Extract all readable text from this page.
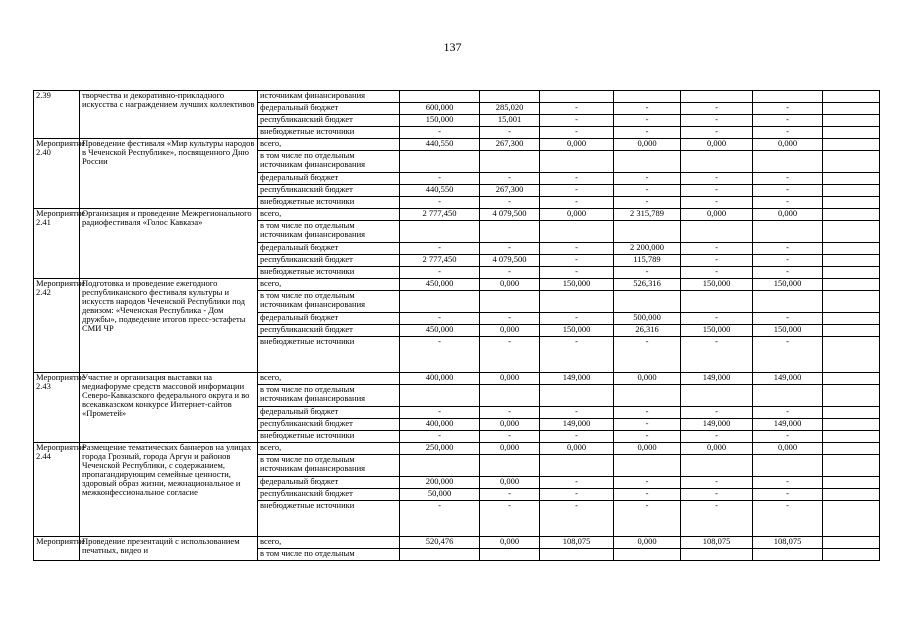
137
2.39	творчества и декоративно-прикладного искусства с награждением лучших коллективов	источникам финансирования							
		федеральный бюджет	600,000	285,020	-	-	-	-	
		республиканский бюджет	150,000	15,001	-	-	-	-	
		внебюджетные источники	-	-	-	-	-	-	
Мероприятие 2.40	Проведение фестиваля «Мир культуры народов в Чеченской Республике», посвященного Дню России	всего,	440,550	267,300	0,000	0,000	0,000	0,000	
		в том числе по отдельным источникам финансирования							
		федеральный бюджет	-	-	-	-	-	-	
		республиканский бюджет	440,550	267,300	-	-	-	-	
		внебюджетные источники	-	-	-	-	-	-	
Мероприятие 2.41	Организация и проведение Межрегионального радиофестиваля «Голос Кавказа»	всего,	2 777,450	4 079,500	0,000	2 315,789	0,000	0,000	
		в том числе по отдельным источникам финансирования							
		федеральный бюджет	-	-	-	2 200,000	-	-	
		республиканский бюджет	2 777,450	4 079,500	-	115,789	-	-	
		внебюджетные источники	-	-	-	-	-	-	
Мероприятие 2.42	Подготовка и проведение ежегодного республиканского фестиваля культуры и искусств народов Чеченской Республики под девизом: «Чеченская Республика - Дом дружбы», подведение итогов пресс-эстафеты СМИ ЧР	всего,	450,000	0,000	150,000	526,316	150,000	150,000	
		в том числе по отдельным источникам финансирования							
		федеральный бюджет	-	-	-	500,000	-	-	
		республиканский бюджет	450,000	0,000	150,000	26,316	150,000	150,000	
		внебюджетные источники	-	-	-	-	-	-	
Мероприятие 2.43	Участие и организация выставки на медиафоруме средств массовой информации Северо-Кавказского федерального округа и во всекавказском конкурсе Интернет-сайтов «Прометей»	всего,	400,000	0,000	149,000	0,000	149,000	149,000	
		в том числе по отдельным источникам финансирования							
		федеральный бюджет	-	-	-	-	-	-	
		республиканский бюджет	400,000	0,000	149,000	-	149,000	149,000	
		внебюджетные источники	-	-	-	-	-	-	
Мероприятие 2.44	Размещение тематических баннеров на улицах города Грозный, города Аргун и районов Чеченской Республики, с содержанием, пропагандирующим семейные ценности, здоровый образ жизни, межнациональное и межконфессиональное согласие	всего,	250,000	0,000	0,000	0,000	0,000	0,000	
		в том числе по отдельным источникам финансирования							
		федеральный бюджет	200,000	0,000	-	-	-	-	
		республиканский бюджет	50,000	-	-	-	-	-	
		внебюджетные источники	-	-	-	-	-	-	
Мероприятие	Проведение презентаций с использованием печатных, видео и	всего,	520,476	0,000	108,075	0,000	108,075	108,075	
		в том числе по отдельным							
